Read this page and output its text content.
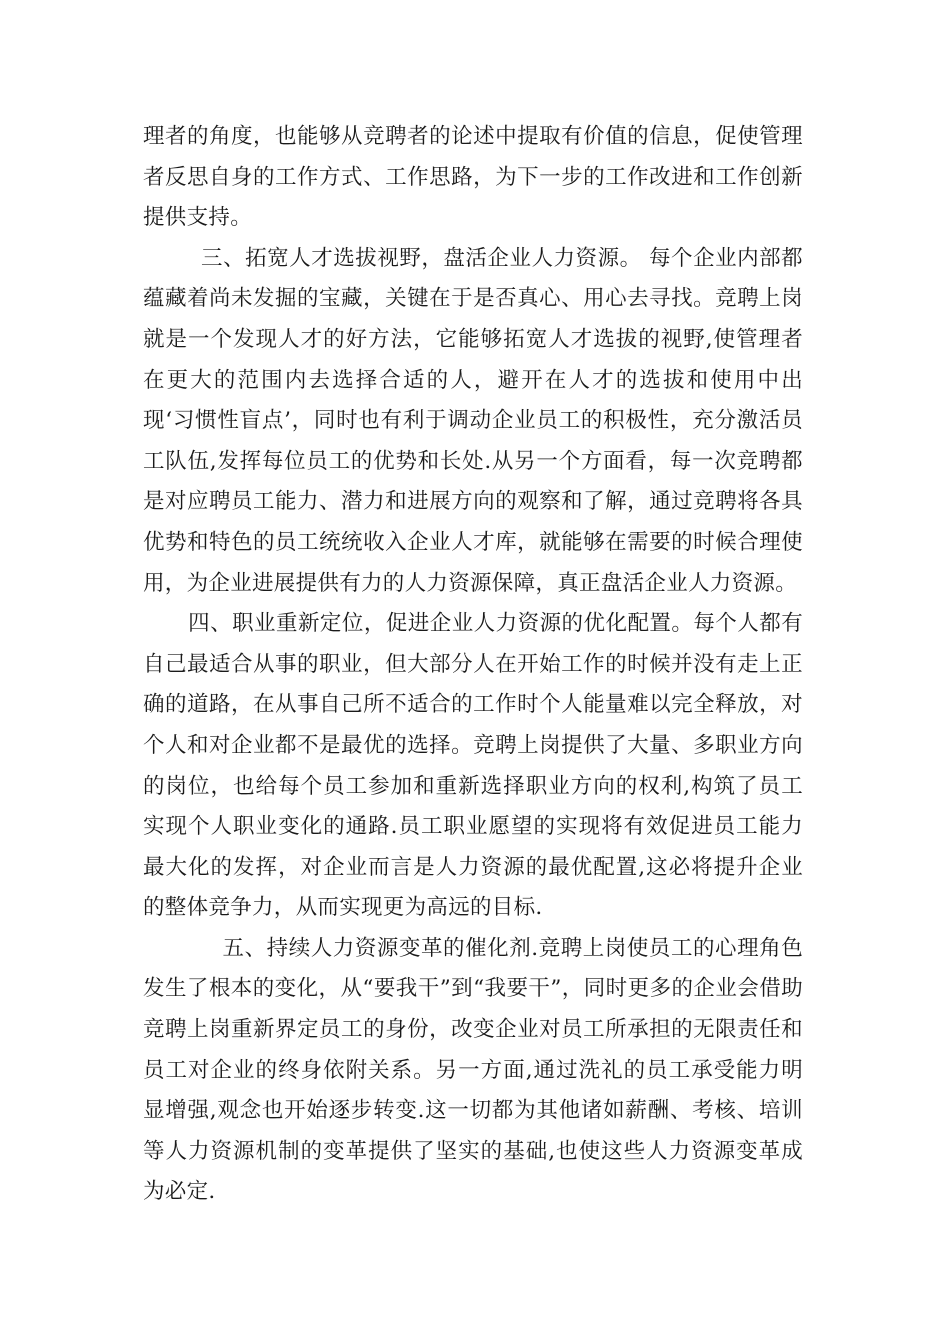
理者的角度，也能够从竞聘者的论述中提取有价值的信息，促使管理者反思自身的工作方式、工作思路，为下一步的工作改进和工作创新提供支持。

三、拓宽人才选拔视野，盘活企业人力资源。 每个企业内部都蕴藏着尚未发掘的宝藏，关键在于是否真心、用心去寻找。竞聘上岗就是一个发现人才的好方法，它能够拓宽人才选拔的视野,使管理者在更大的范围内去选择合适的人，避开在人才的选拔和使用中出现‘习惯性盲点’，同时也有利于调动企业员工的积极性，充分激活员工队伍,发挥每位员工的优势和长处.从另一个方面看，每一次竞聘都是对应聘员工能力、潜力和进展方向的观察和了解，通过竞聘将各具优势和特色的员工统统收入企业人才库，就能够在需要的时候合理使用，为企业进展提供有力的人力资源保障，真正盘活企业人力资源。

四、职业重新定位，促进企业人力资源的优化配置。每个人都有自己最适合从事的职业，但大部分人在开始工作的时候并没有走上正确的道路，在从事自己所不适合的工作时个人能量难以完全释放，对个人和对企业都不是最优的选择。竞聘上岗提供了大量、多职业方向的岗位，也给每个员工参加和重新选择职业方向的权利,构筑了员工实现个人职业变化的通路.员工职业愿望的实现将有效促进员工能力最大化的发挥，对企业而言是人力资源的最优配置,这必将提升企业的整体竞争力，从而实现更为高远的目标.

五、持续人力资源变革的催化剂.竞聘上岗使员工的心理角色发生了根本的变化，从“要我干”到“我要干”，同时更多的企业会借助竞聘上岗重新界定员工的身份，改变企业对员工所承担的无限责任和员工对企业的终身依附关系。另一方面,通过洗礼的员工承受能力明显增强,观念也开始逐步转变.这一切都为其他诸如薪酬、考核、培训等人力资源机制的变革提供了坚实的基础,也使这些人力资源变革成为必定.
